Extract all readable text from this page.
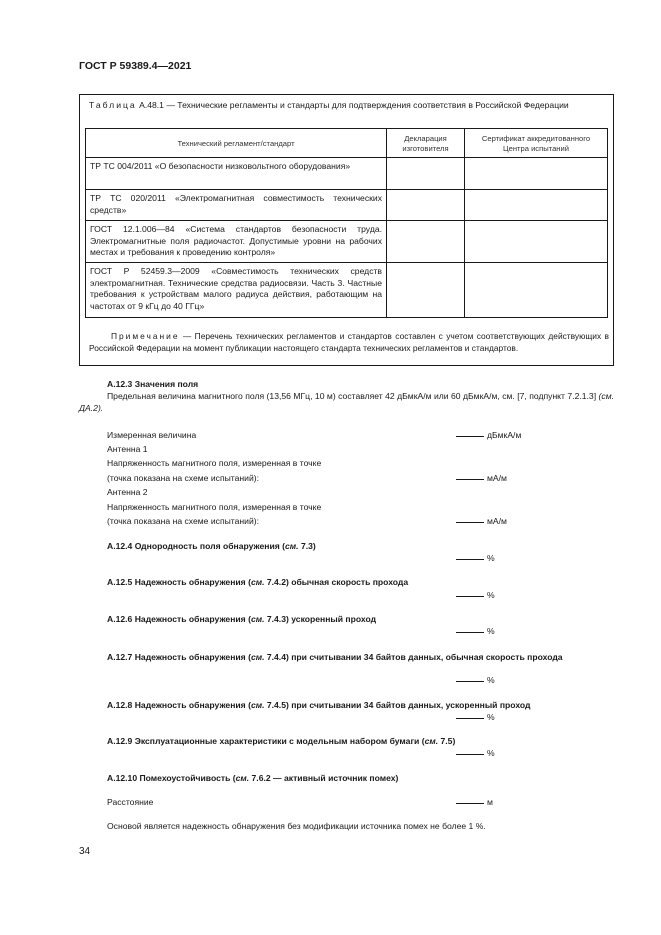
ГОСТ Р 59389.4—2021
Таблица А.48.1 — Технические регламенты и стандарты для подтверждения соответствия в Российской Федерации
Технический регламент/стандарт	Декларация изготовителя	Сертификат аккредитованного Центра испытаний
ТР ТС 004/2011 «О безопасности низковольтного оборудования»		
ТР ТС 020/2011 «Электромагнитная совместимость технических средств»		
ГОСТ 12.1.006—84 «Система стандартов безопасности труда. Электромагнитные поля радиочастот. Допустимые уровни на рабочих местах и требования к проведению контроля»		
ГОСТ Р 52459.3—2009 «Совместимость технических средств электромагнитная. Технические средства радиосвязи. Часть 3. Частные требования к устройствам малого радиуса действия, работающим на частотах от 9 кГц до 40 ГГц»		
Примечание — Перечень технических регламентов и стандартов составлен с учетом соответствующих действующих в Российской Федерации на момент публикации настоящего стандарта технических регламентов и стандартов.
А.12.3 Значения поля
Предельная величина магнитного поля (13,56 МГц, 10 м) составляет 42 дБмкА/м или 60 дБмкА/м, см. [7, подпункт 7.2.1.3] (см. ДА.2).
Измеренная величина	дБмкА/м
Антенна 1
Напряженность магнитного поля, измеренная в точке
(точка показана на схеме испытаний):	мА/м
Антенна 2
Напряженность магнитного поля, измеренная в точке
(точка показана на схеме испытаний):	мА/м
А.12.4 Однородность поля обнаружения (см. 7.3)
%
А.12.5 Надежность обнаружения (см. 7.4.2) обычная скорость прохода
%
А.12.6 Надежность обнаружения (см. 7.4.3) ускоренный проход
%
А.12.7 Надежность обнаружения (см. 7.4.4) при считывании 34 байтов данных, обычная скорость прохода
%
А.12.8 Надежность обнаружения (см. 7.4.5) при считывании 34 байтов данных, ускоренный проход
%
А.12.9 Эксплуатационные характеристики с модельным набором бумаги (см. 7.5)
%
А.12.10 Помехоустойчивость (см. 7.6.2 — активный источник помех)
Расстояние	м
Основой является надежность обнаружения без модификации источника помех не более 1 %.
34
